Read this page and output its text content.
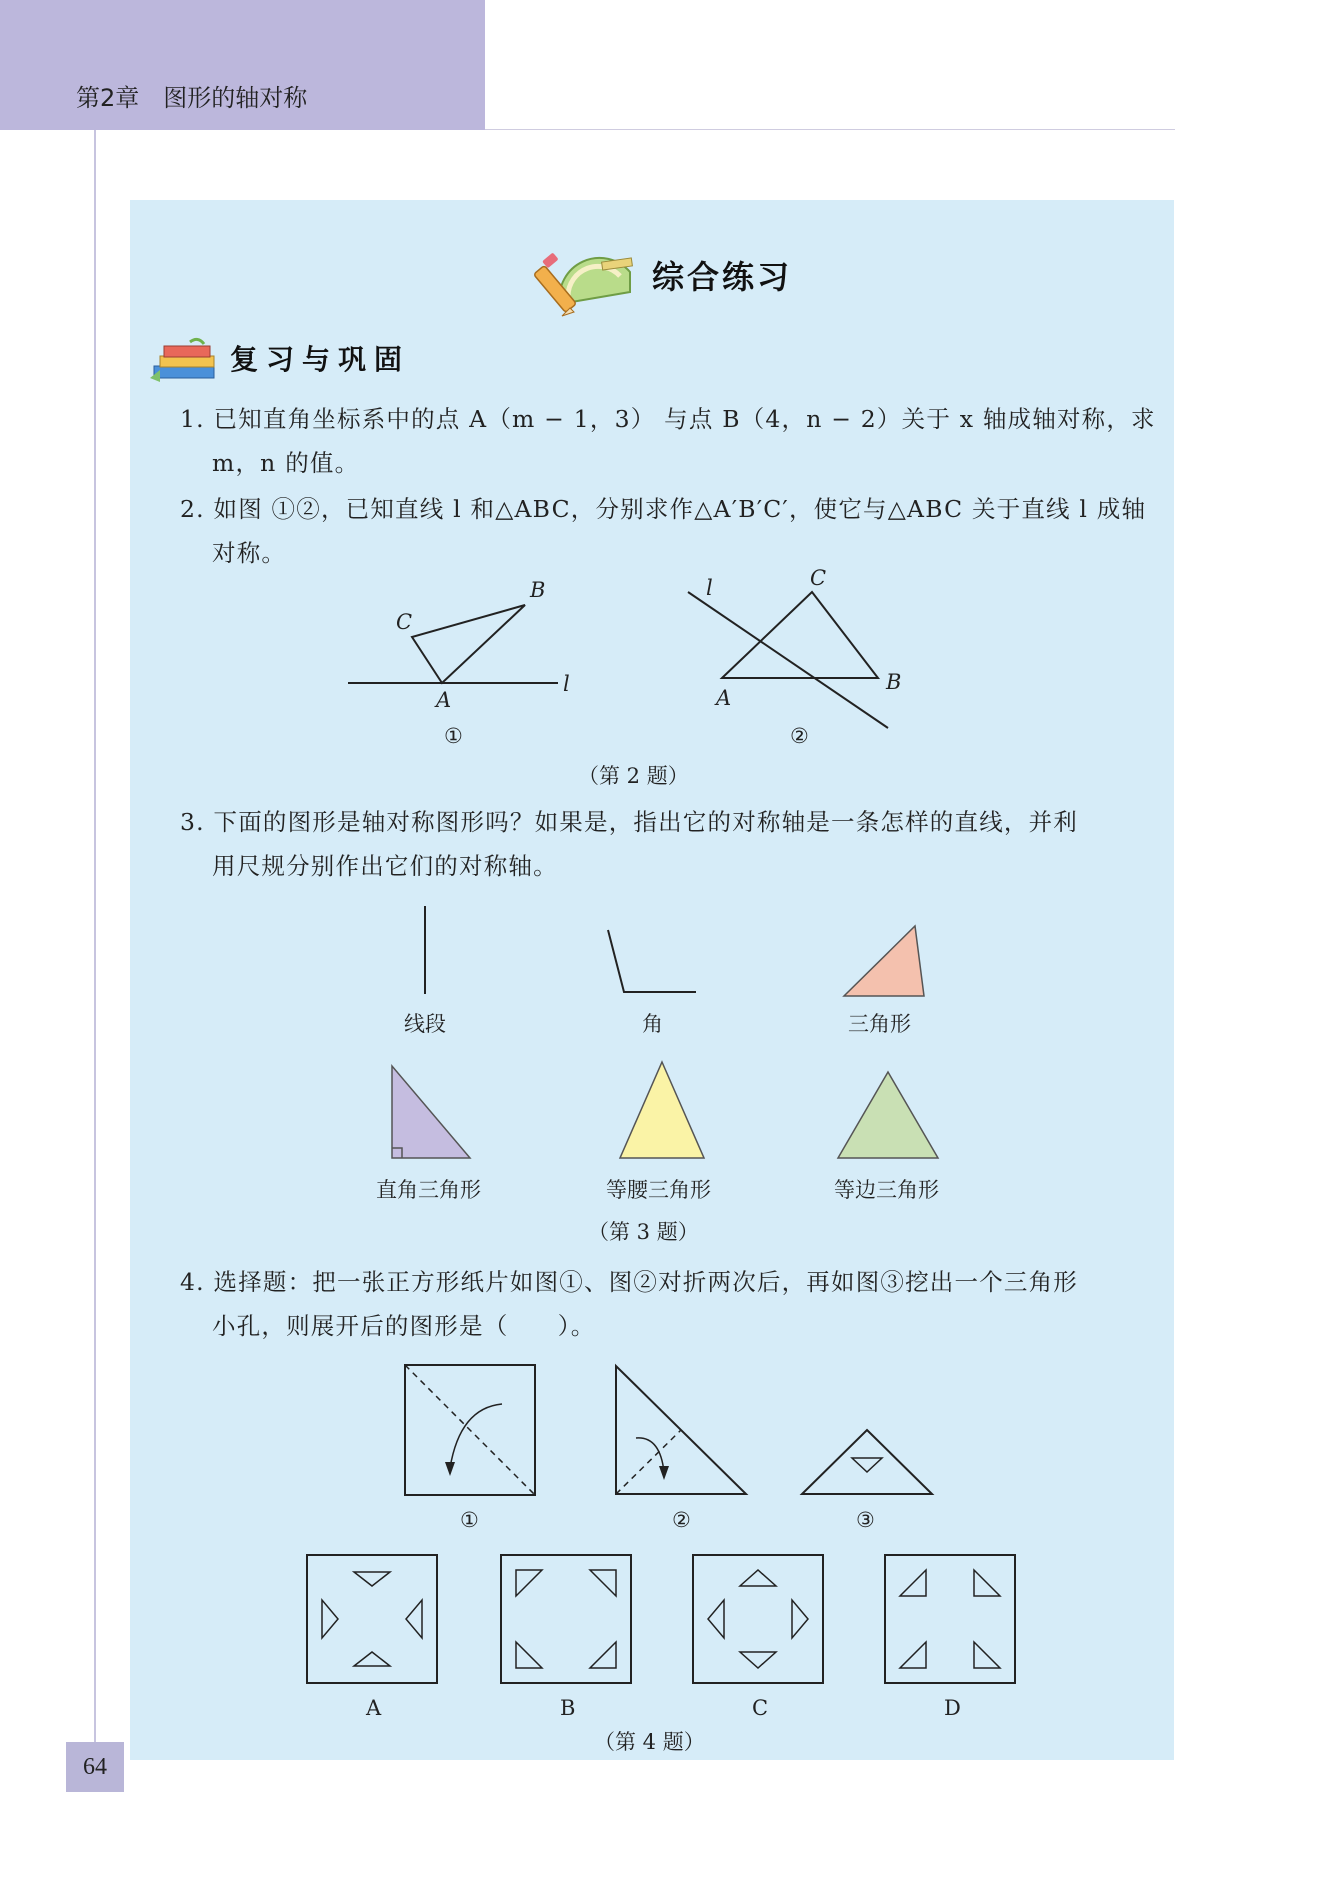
第2章　图形的轴对称
综合练习
复习与巩固
1. 已知直角坐标系中的点 A（m − 1，3） 与点 B（4，n − 2）关于 x 轴成轴对称，求
m，n 的值。
2. 如图 ①②，已知直线 l 和△ABC，分别求作△A′B′C′，使它与△ABC 关于直线 l 成轴
对称。
C
B
A
l
①
l	C
A
B
②
（第 2 题）
3. 下面的图形是轴对称图形吗？如果是，指出它的对称轴是一条怎样的直线，并利
用尺规分别作出它们的对称轴。
线段	角	三角形
直角三角形	等腰三角形	等边三角形
（第 3 题）
4. 选择题：把一张正方形纸片如图①、图②对折两次后，再如图③挖出一个三角形
小孔，则展开后的图形是（　　）。
①	②	③
A	B	C	D
（第 4 题）
64
